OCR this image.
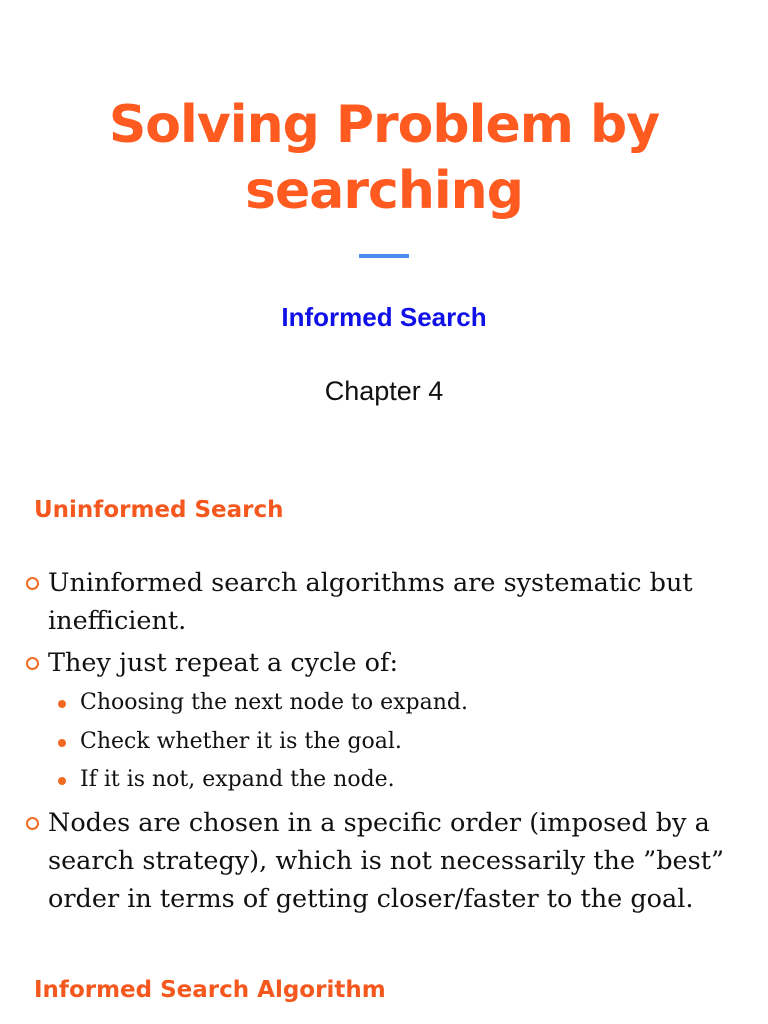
Solving Problem by
searching
Informed Search
Chapter 4
Uninformed Search
Uninformed search algorithms are systematic but inefficient.
They just repeat a cycle of:
Choosing the next node to expand.
Check whether it is the goal.
If it is not, expand the node.
Nodes are chosen in a specific order (imposed by a search strategy), which is not necessarily the ”best” order in terms of getting closer/faster to the goal.
Informed Search Algorithm
